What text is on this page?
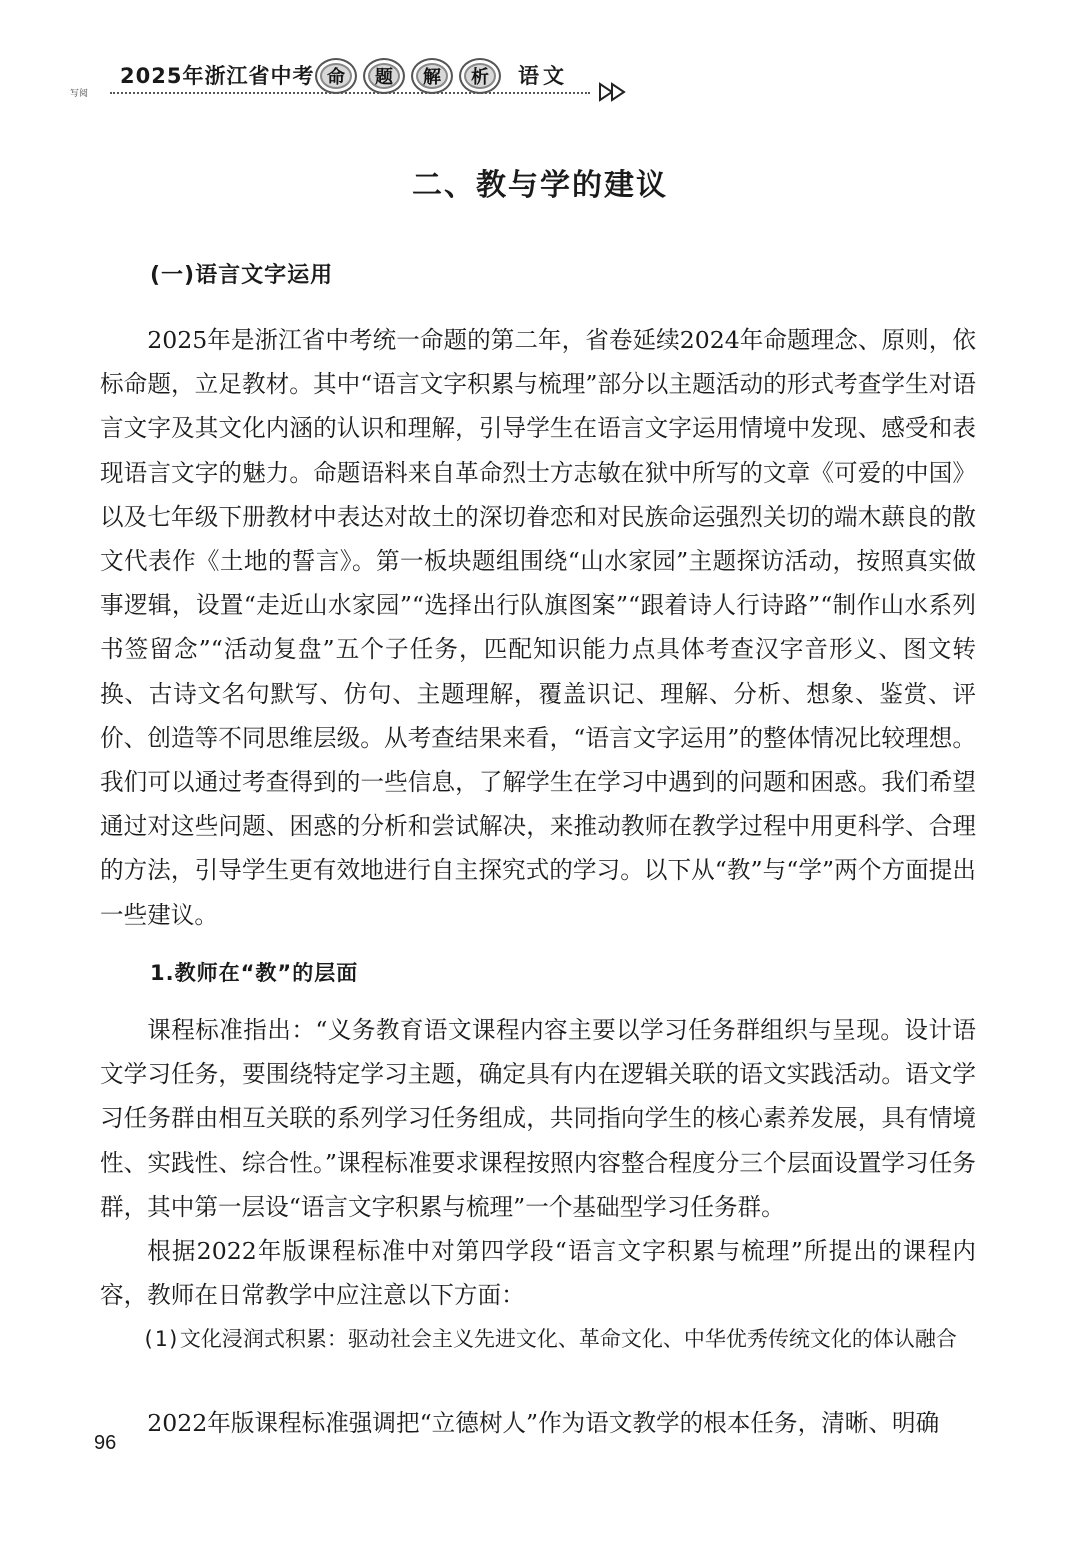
写阅
2025年浙江省中考 命	题	解	析	语文
二、教与学的建议
(一)语言文字运用

2025年是浙江省中考统一命题的第二年，省卷延续2024年命题理念、原则，依标命题，立足教材。其中“语言文字积累与梳理”部分以主题活动的形式考查学生对语言文字及其文化内涵的认识和理解，引导学生在语言文字运用情境中发现、感受和表现语言文字的魅力。命题语料来自革命烈士方志敏在狱中所写的文章《可爱的中国》以及七年级下册教材中表达对故土的深切眷恋和对民族命运强烈关切的端木蕻良的散文代表作《土地的誓言》。第一板块题组围绕“山水家园”主题探访活动，按照真实做事逻辑，设置“走近山水家园”“选择出行队旗图案”“跟着诗人行诗路”“制作山水系列书签留念”“活动复盘”五个子任务，匹配知识能力点具体考查汉字音形义、图文转换、古诗文名句默写、仿句、主题理解，覆盖识记、理解、分析、想象、鉴赏、评价、创造等不同思维层级。从考查结果来看，“语言文字运用”的整体情况比较理想。我们可以通过考查得到的一些信息，了解学生在学习中遇到的问题和困惑。我们希望通过对这些问题、困惑的分析和尝试解决，来推动教师在教学过程中用更科学、合理的方法，引导学生更有效地进行自主探究式的学习。以下从“教”与“学”两个方面提出一些建议。

1.教师在“教”的层面

课程标准指出：“义务教育语文课程内容主要以学习任务群组织与呈现。设计语文学习任务，要围绕特定学习主题，确定具有内在逻辑关联的语文实践活动。语文学习任务群由相互关联的系列学习任务组成，共同指向学生的核心素养发展，具有情境性、实践性、综合性。”课程标准要求课程按照内容整合程度分三个层面设置学习任务群，其中第一层设“语言文字积累与梳理”一个基础型学习任务群。

根据2022年版课程标准中对第四学段“语言文字积累与梳理”所提出的课程内容，教师在日常教学中应注意以下方面：

(1)文化浸润式积累：驱动社会主义先进文化、革命文化、中华优秀传统文化的体认融合

2022年版课程标准强调把“立德树人”作为语文教学的根本任务，清晰、明确

96
